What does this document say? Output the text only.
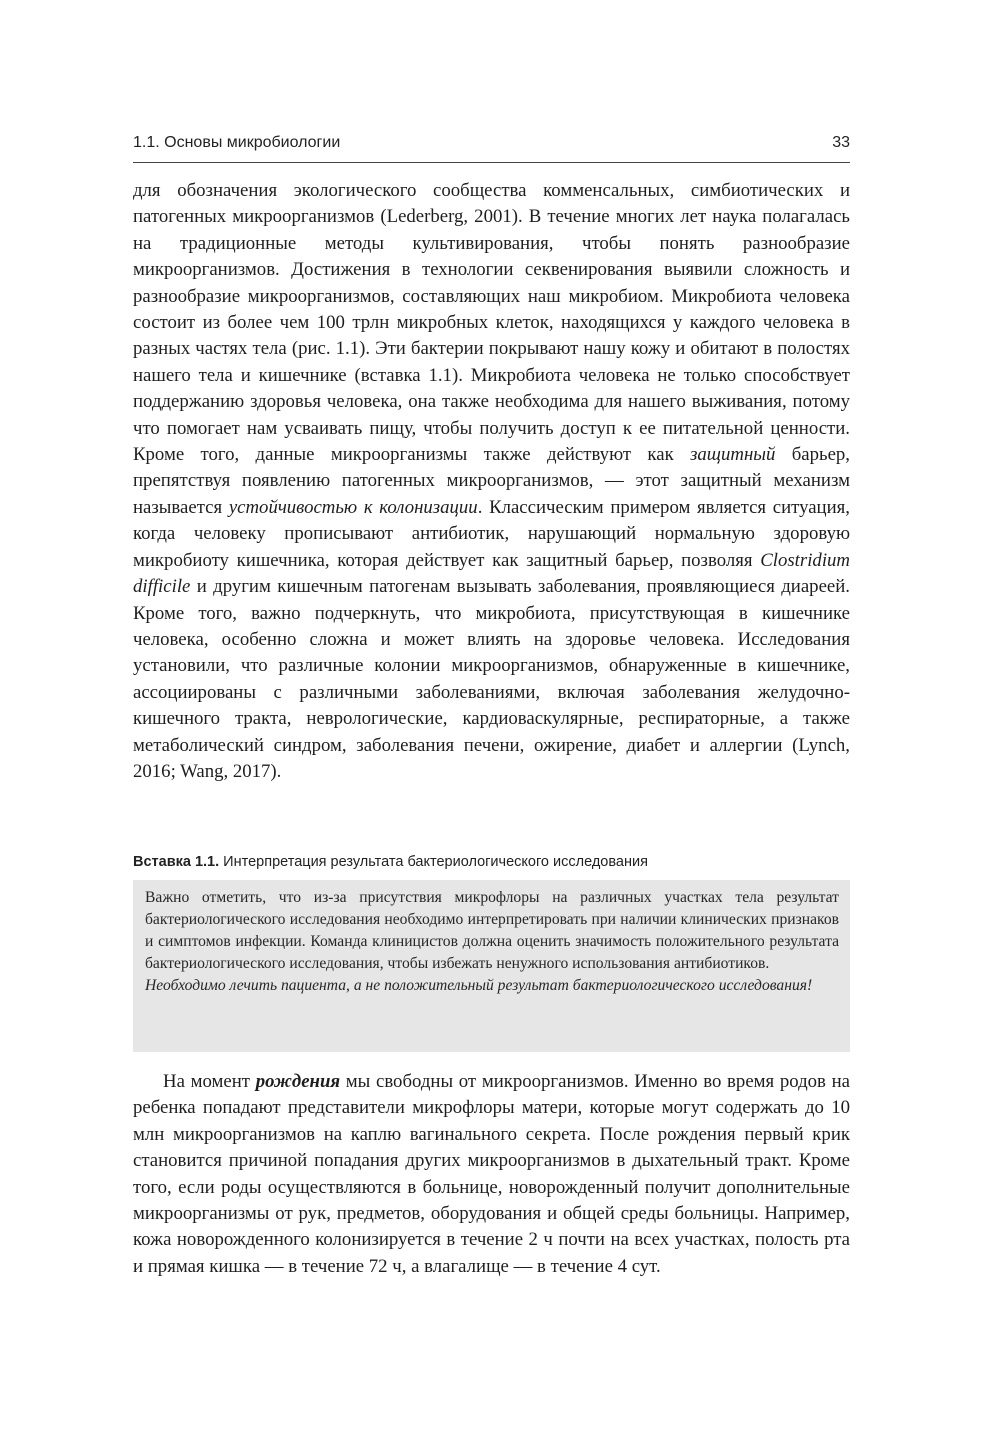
1.1. Основы микробиологии	33

для обозначения экологического сообщества комменсальных, симбиотических и патогенных микроорганизмов (Lederberg, 2001). В течение многих лет наука полагалась на традиционные методы культивирования, чтобы понять разнообразие микроорганизмов. Достижения в технологии секвенирования выявили сложность и разнообразие микроорганизмов, составляющих наш микробиом. Микробиота человека состоит из более чем 100 трлн микробных клеток, находящихся у каждого человека в разных частях тела (рис. 1.1). Эти бактерии покрывают нашу кожу и обитают в полостях нашего тела и кишечнике (вставка 1.1). Микробиота человека не только способствует поддержанию здоровья человека, она также необходима для нашего выживания, потому что помогает нам усваивать пищу, чтобы получить доступ к ее питательной ценности. Кроме того, данные микроорганизмы также действуют как защитный барьер, препятствуя появлению патогенных микроорганизмов, — этот защитный механизм называется устойчивостью к колонизации. Классическим примером является ситуация, когда человеку прописывают антибиотик, нарушающий нормальную здоровую микробиоту кишечника, которая действует как защитный барьер, позволяя Clostridium difficile и другим кишечным патогенам вызывать заболевания, проявляющиеся диареей. Кроме того, важно подчеркнуть, что микробиота, присутствующая в кишечнике человека, особенно сложна и может влиять на здоровье человека. Исследования установили, что различные колонии микроорганизмов, обнаруженные в кишечнике, ассоциированы с различными заболеваниями, включая заболевания желудочно-кишечного тракта, неврологические, кардиоваскулярные, респираторные, а также метаболический синдром, заболевания печени, ожирение, диабет и аллергии (Lynch, 2016; Wang, 2017).

Вставка 1.1. Интерпретация результата бактериологического исследования

Важно отметить, что из-за присутствия микрофлоры на различных участках тела результат бактериологического исследования необходимо интерпретировать при наличии клинических признаков и симптомов инфекции. Команда клиницистов должна оценить значимость положительного результата бактериологического исследования, чтобы избежать ненужного использования антибиотиков.

Необходимо лечить пациента, а не положительный результат бактериологического исследования!

На момент рождения мы свободны от микроорганизмов. Именно во время родов на ребенка попадают представители микрофлоры матери, которые могут содержать до 10 млн микроорганизмов на каплю вагинального секрета. После рождения первый крик становится причиной попадания других микроорганизмов в дыхательный тракт. Кроме того, если роды осуществляются в больнице, новорожденный получит дополнительные микроорганизмы от рук, предметов, оборудования и общей среды больницы. Например, кожа новорожденного колонизируется в течение 2 ч почти на всех участках, полость рта и прямая кишка — в течение 72 ч, а влагалище — в течение 4 сут.
